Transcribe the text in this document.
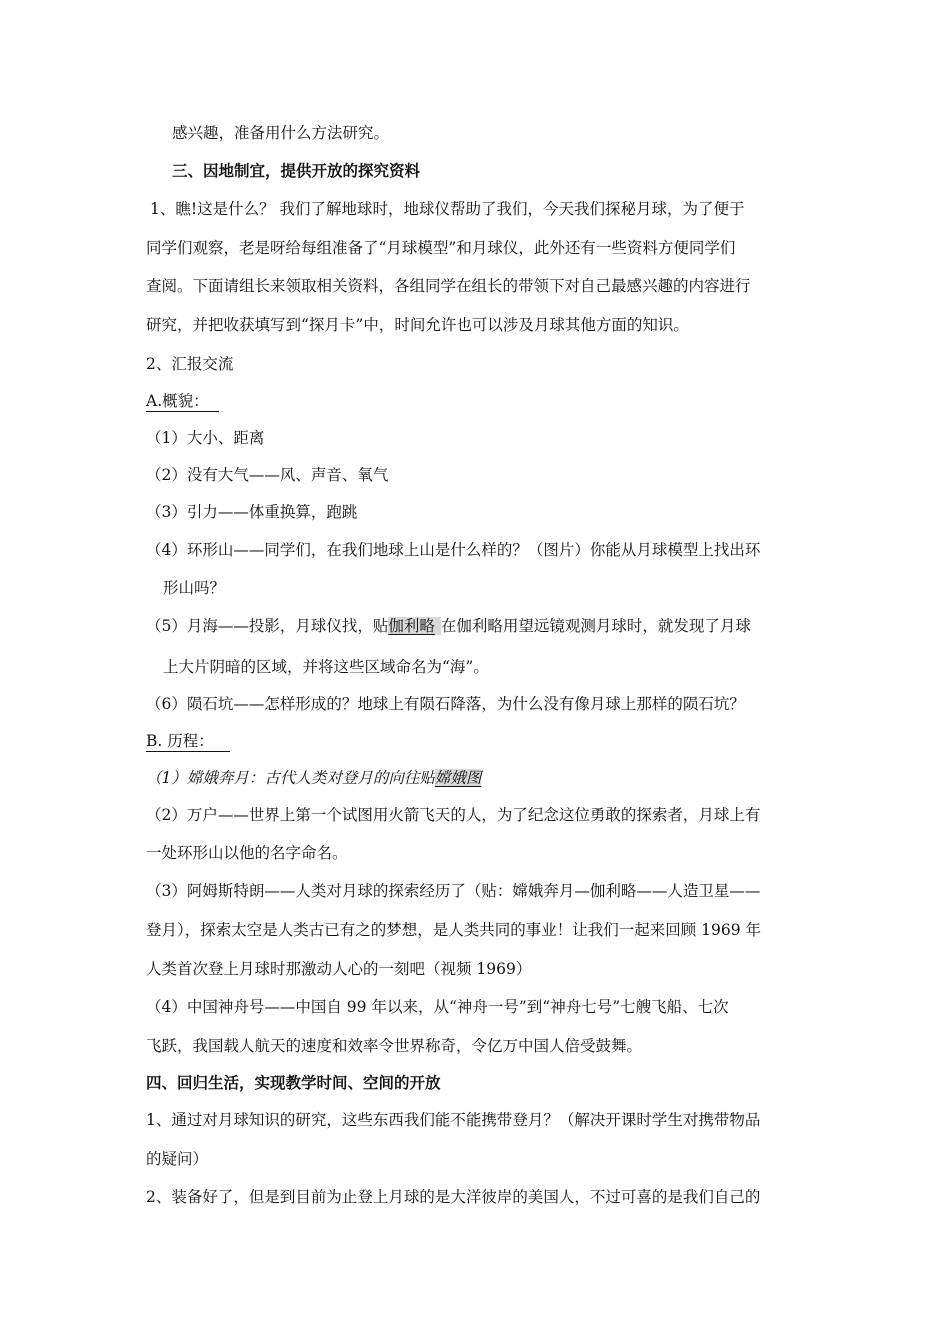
感兴趣，准备用什么方法研究。
三、因地制宜，提供开放的探究资料
1、瞧!这是什么？ 我们了解地球时，地球仪帮助了我们，今天我们探秘月球，为了便于
同学们观察，老是呀给每组准备了“月球模型”和月球仪，此外还有一些资料方便同学们
查阅。下面请组长来领取相关资料，各组同学在组长的带领下对自己最感兴趣的内容进行
研究，并把收获填写到“探月卡”中，时间允许也可以涉及月球其他方面的知识。
2、汇报交流
A.概貌：
（1）大小、距离
（2）没有大气——风、声音、氧气
（3）引力——体重换算，跑跳
（4）环形山——同学们，在我们地球上山是什么样的？（图片）你能从月球模型上找出环
形山吗？
（5）月海——投影，月球仪找，贴伽利略 在伽利略用望远镜观测月球时，就发现了月球
上大片阴暗的区域，并将这些区域命名为“海”。
（6）陨石坑——怎样形成的？地球上有陨石降落，为什么没有像月球上那样的陨石坑？
B. 历程：
（1）嫦娥奔月：古代人类对登月的向往贴嫦娥图
（2）万户——世界上第一个试图用火箭飞天的人，为了纪念这位勇敢的探索者，月球上有
一处环形山以他的名字命名。
（3）阿姆斯特朗——人类对月球的探索经历了（贴：嫦娥奔月—伽利略——人造卫星——
登月），探索太空是人类古已有之的梦想，是人类共同的事业！让我们一起来回顾 1969 年
人类首次登上月球时那激动人心的一刻吧（视频 1969）
（4）中国神舟号——中国自 99 年以来，从“神舟一号”到“神舟七号”七艘飞船、七次
飞跃，我国载人航天的速度和效率令世界称奇，令亿万中国人倍受鼓舞。
四、回归生活，实现教学时间、空间的开放
1、通过对月球知识的研究，这些东西我们能不能携带登月？（解决开课时学生对携带物品
的疑问）
2、装备好了，但是到目前为止登上月球的是大洋彼岸的美国人，不过可喜的是我们自己的
